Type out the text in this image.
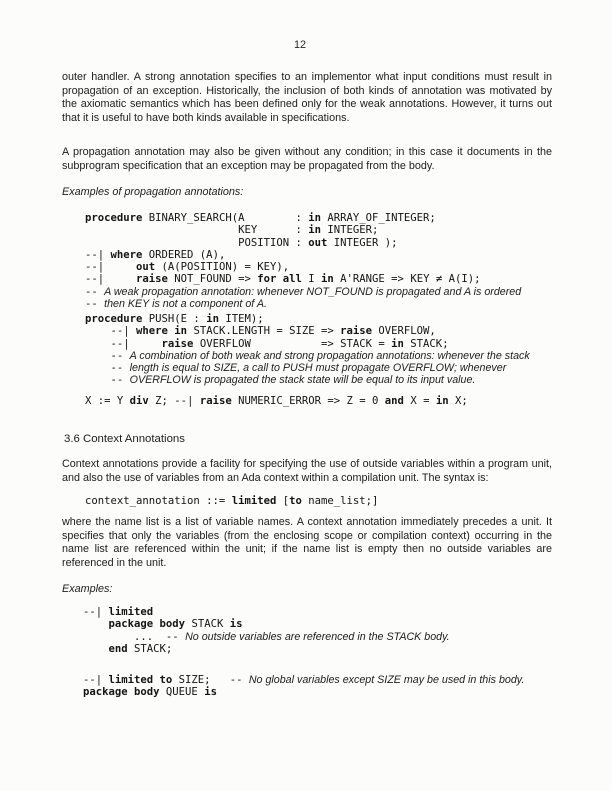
12

outer handler. A strong annotation specifies to an implementor what input conditions must result in propagation of an exception. Historically, the inclusion of both kinds of annotation was motivated by the axiomatic semantics which has been defined only for the weak annotations. However, it turns out that it is useful to have both kinds available in specifications.

A propagation annotation may also be given without any condition; in this case it documents in the subprogram specification that an exception may be propagated from the body.

Examples of propagation annotations:

procedure BINARY_SEARCH(A        : in ARRAY_OF_INTEGER;
KEY      : in INTEGER;
POSITION : out INTEGER );
--| where ORDERED (A),
--|     out (A(POSITION) = KEY),
--|     raise NOT_FOUND => for all I in A'RANGE => KEY ≠ A(I);
-- A weak propagation annotation: whenever NOT_FOUND is propagated and A is ordered
-- then KEY is not a component of A.
procedure PUSH(E : in ITEM);
--| where in STACK.LENGTH = SIZE => raise OVERFLOW,
--|     raise OVERFLOW           => STACK = in STACK;
-- A combination of both weak and strong propagation annotations: whenever the stack
-- length is equal to SIZE, a call to PUSH must propagate OVERFLOW; whenever
-- OVERFLOW is propagated the stack state will be equal to its input value.
X := Y div Z; --| raise NUMERIC_ERROR => Z = 0 and X = in X;
3.6 Context Annotations

Context annotations provide a facility for specifying the use of outside variables within a program unit, and also the use of variables from an Ada context within a compilation unit. The syntax is:

context_annotation ::= limited [to name_list;]

where the name list is a list of variable names. A context annotation immediately precedes a unit. It specifies that only the variables (from the enclosing scope or compilation context) occurring in the name list are referenced within the unit; if the name list is empty then no outside variables are referenced in the unit.

Examples:

--| limited
package body STACK is
...  -- No outside variables are referenced in the STACK body.
end STACK;
--| limited to SIZE;   -- No global variables except SIZE may be used in this body.
package body QUEUE is
